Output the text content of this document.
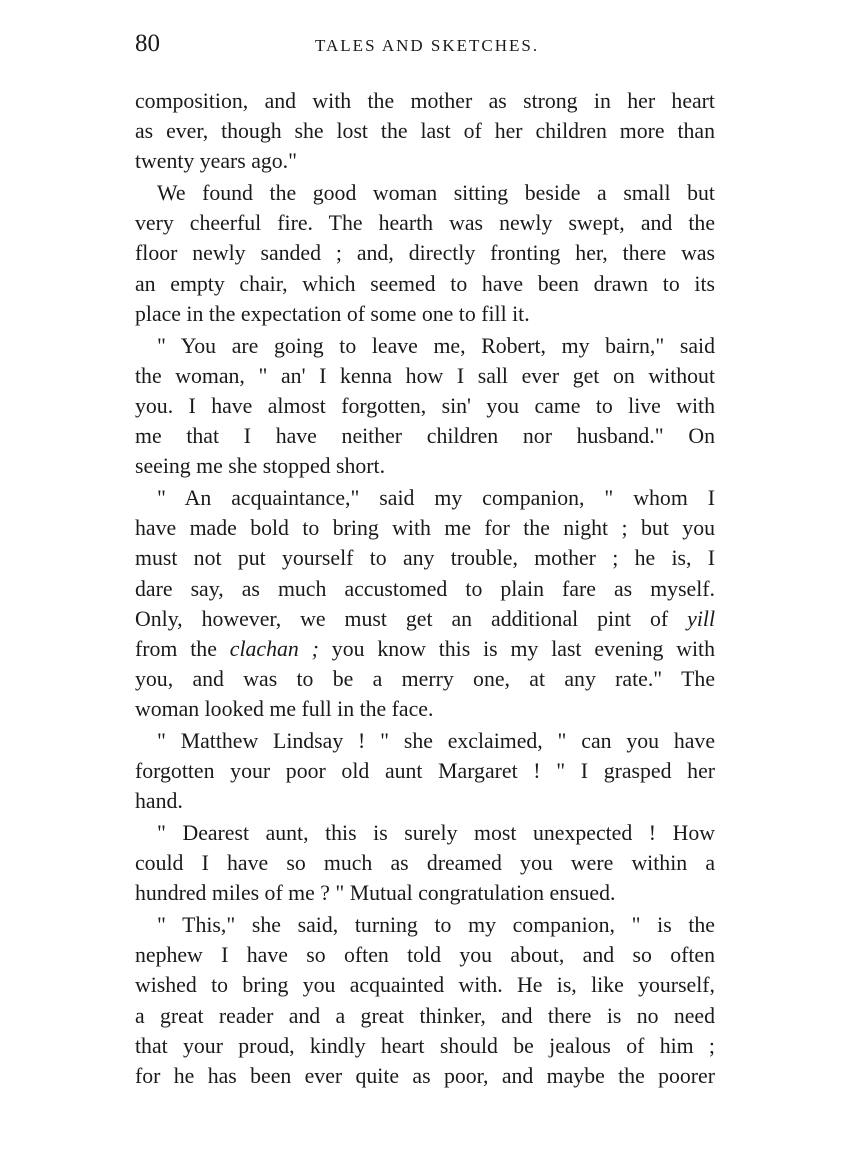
80	TALES AND SKETCHES.
composition, and with the mother as strong in her heart
as ever, though she lost the last of her children more than
twenty years ago."
We found the good woman sitting beside a small but
very cheerful fire. The hearth was newly swept, and the
floor newly sanded ; and, directly fronting her, there was
an empty chair, which seemed to have been drawn to its
place in the expectation of some one to fill it.
" You are going to leave me, Robert, my bairn," said
the woman, " an' I kenna how I sall ever get on without
you. I have almost forgotten, sin' you came to live with
me that I have neither children nor husband." On
seeing me she stopped short.
" An acquaintance," said my companion, " whom I
have made bold to bring with me for the night ; but you
must not put yourself to any trouble, mother ; he is, I
dare say, as much accustomed to plain fare as myself.
Only, however, we must get an additional pint of yill
from the clachan ; you know this is my last evening with
you, and was to be a merry one, at any rate." The
woman looked me full in the face.
" Matthew Lindsay ! " she exclaimed, " can you have
forgotten your poor old aunt Margaret ! " I grasped her
hand.
" Dearest aunt, this is surely most unexpected ! How
could I have so much as dreamed you were within a
hundred miles of me ? " Mutual congratulation ensued.
" This," she said, turning to my companion, " is the
nephew I have so often told you about, and so often
wished to bring you acquainted with. He is, like yourself,
a great reader and a great thinker, and there is no need
that your proud, kindly heart should be jealous of him ;
for he has been ever quite as poor, and maybe the poorer
